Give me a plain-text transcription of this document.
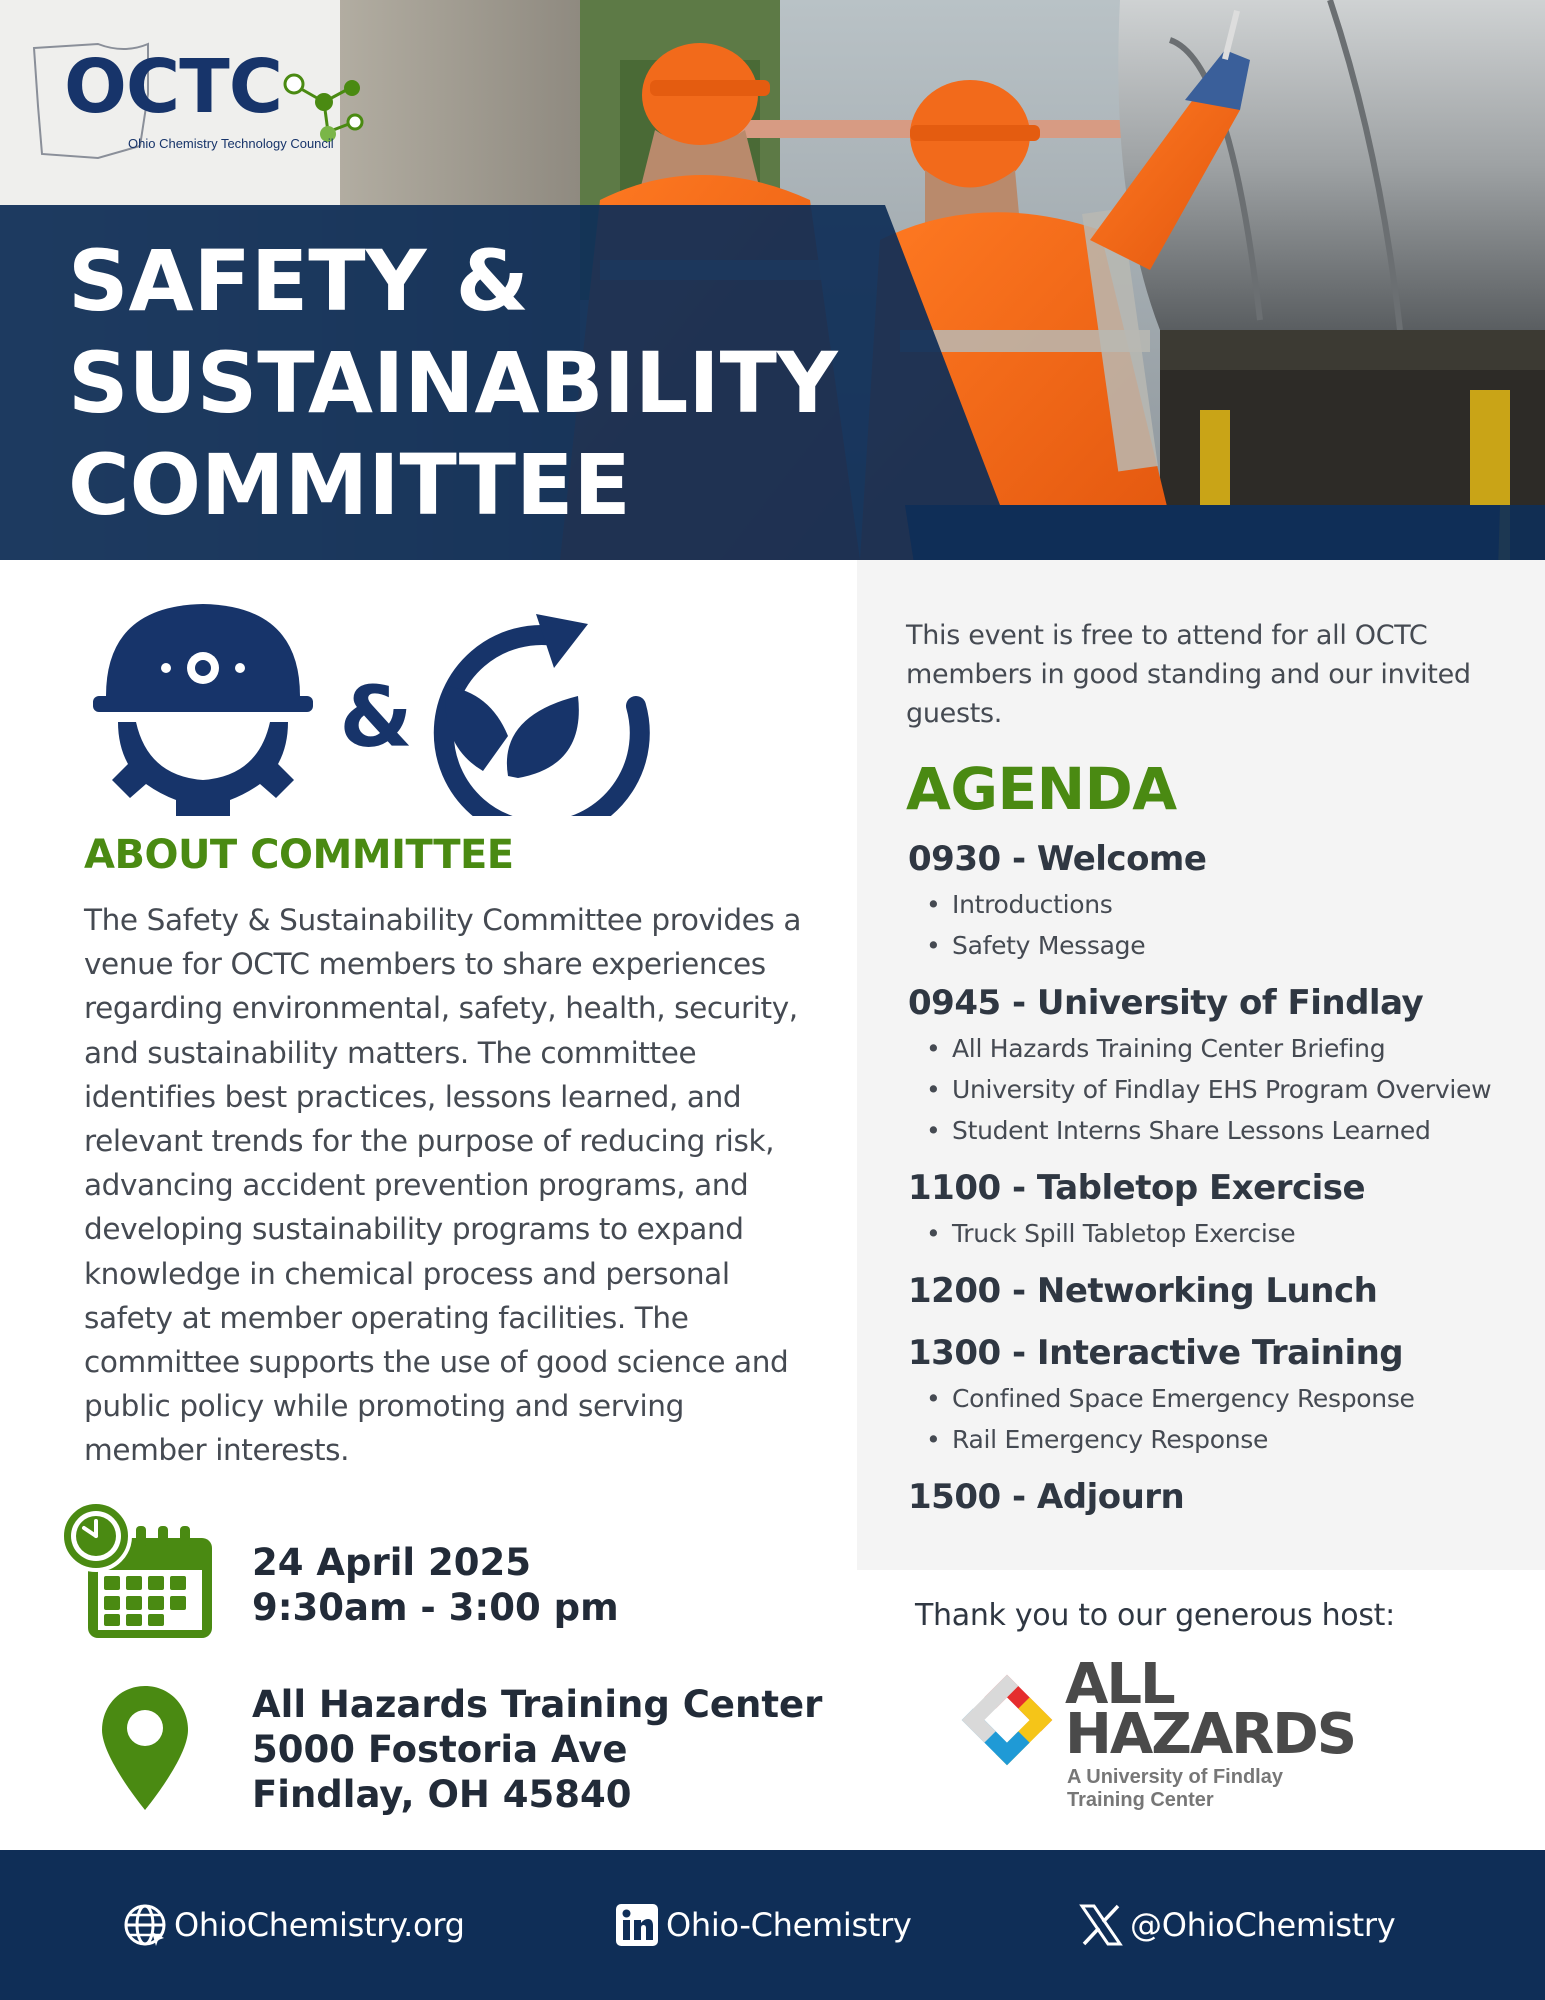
OCTC
Ohio Chemistry Technology Council
SAFETY &
SUSTAINABILITY
COMMITTEE
&
ABOUT COMMITTEE

The Safety & Sustainability Committee provides a venue for OCTC members to share experiences regarding environmental, safety, health, security, and sustainability matters. The committee identifies best practices, lessons learned, and relevant trends for the purpose of reducing risk, advancing accident prevention programs, and developing sustainability programs to expand knowledge in chemical process and personal safety at member operating facilities. The committee supports the use of good science and public policy while promoting and serving member interests.

24 April 2025
9:30am - 3:00 pm
All Hazards Training Center
5000 Fostoria Ave
Findlay, OH 45840

This event is free to attend for all OCTC members in good standing and our invited guests.

AGENDA
0930 - Welcome
• Introductions
• Safety Message
0945 - University of Findlay
• All Hazards Training Center Briefing
• University of Findlay EHS Program Overview
• Student Interns Share Lessons Learned
1100 - Tabletop Exercise
• Truck Spill Tabletop Exercise
1200 - Networking Lunch
1300 - Interactive Training
• Confined Space Emergency Response
• Rail Emergency Response
1500 - Adjourn
Thank you to our generous host:
ALL
HAZARDS
A University of Findlay
Training Center
OhioChemistry.org	Ohio-Chemistry	@OhioChemistry
